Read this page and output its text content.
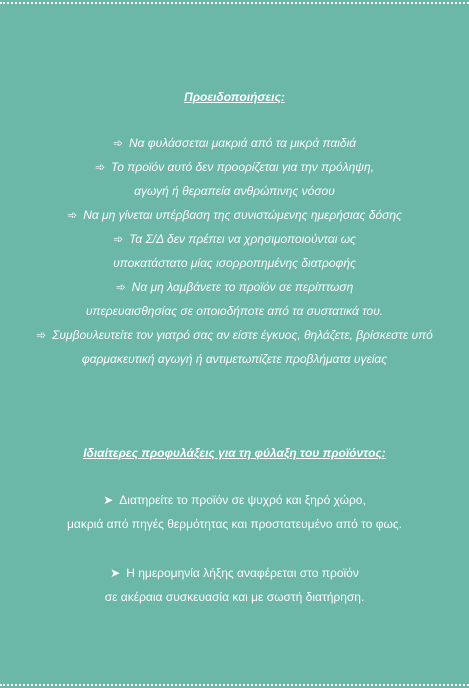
Προειδοποιήσεις:
➾ Να φυλάσσεται μακριά από τα μικρά παιδιά
➾ Το προϊόν αυτό δεν προορίζεται για την πρόληψη,
αγωγή ή θεραπεία ανθρώπινης νόσου
➾ Να μη γίνεται υπέρβαση της συνιστώμενης ημερήσιας δόσης
➾ Τα Σ/Δ δεν πρέπει να χρησιμοποιούνται ως
υποκατάστατο μίας ισορροπημένης διατροφής
➾ Να μη λαμβάνετε το προϊόν σε περίπτωση
υπερευαισθησίας σε οποιοδήποτε από τα συστατικά του.
➾ Συμβουλευτείτε τον γιατρό σας αν είστε έγκυος, θηλάζετε, βρίσκεστε υπό
φαρμακευτική αγωγή ή αντιμετωπίζετε προβλήματα υγείας
Ιδιαίτερες προφυλάξεις για τη φύλαξη του προϊόντος:
➤ Διατηρείτε το προϊόν σε ψυχρό και ξηρό χώρο,
μακριά από πηγές θερμότητας και προστατευμένο από το φως.
➤ Η ημερομηνία λήξης αναφέρεται στο προϊόν
σε ακέραια συσκευασία και με σωστή διατήρηση.
